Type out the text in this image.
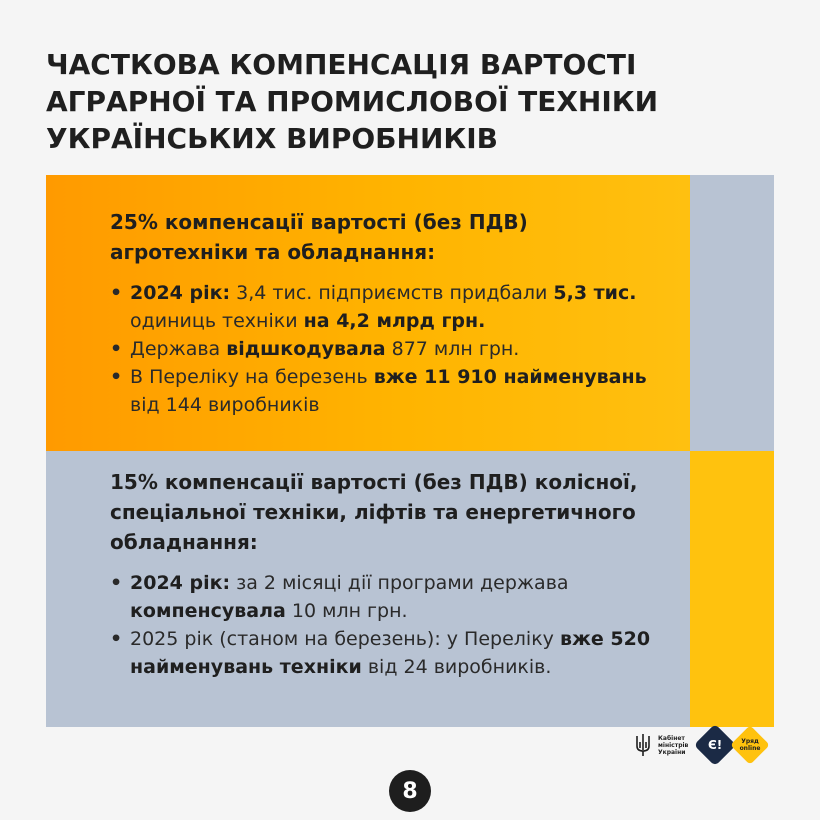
ЧАСТКОВА КОМПЕНСАЦІЯ ВАРТОСТІ АГРАРНОЇ ТА ПРОМИСЛОВОЇ ТЕХНІКИ УКРАЇНСЬКИХ ВИРОБНИКІВ

25% компенсації вартості (без ПДВ) агротехніки та обладнання:

• 2024 рік: 3,4 тис. підприємств придбали 5,3 тис. одиниць техніки на 4,2 млрд грн.
• Держава відшкодувала 877 млн грн.
• В Переліку на березень вже 11 910 найменувань від 144 виробників

15% компенсації вартості (без ПДВ) колісної, спеціальної техніки, ліфтів та енергетичного обладнання:

• 2024 рік: за 2 місяці дії програми держава компенсувала 10 млн грн.
• 2025 рік (станом на березень): у Переліку вже 520 найменувань техніки від 24 виробників.
Кабінет міністрів України	Є!	Уряд online
8
